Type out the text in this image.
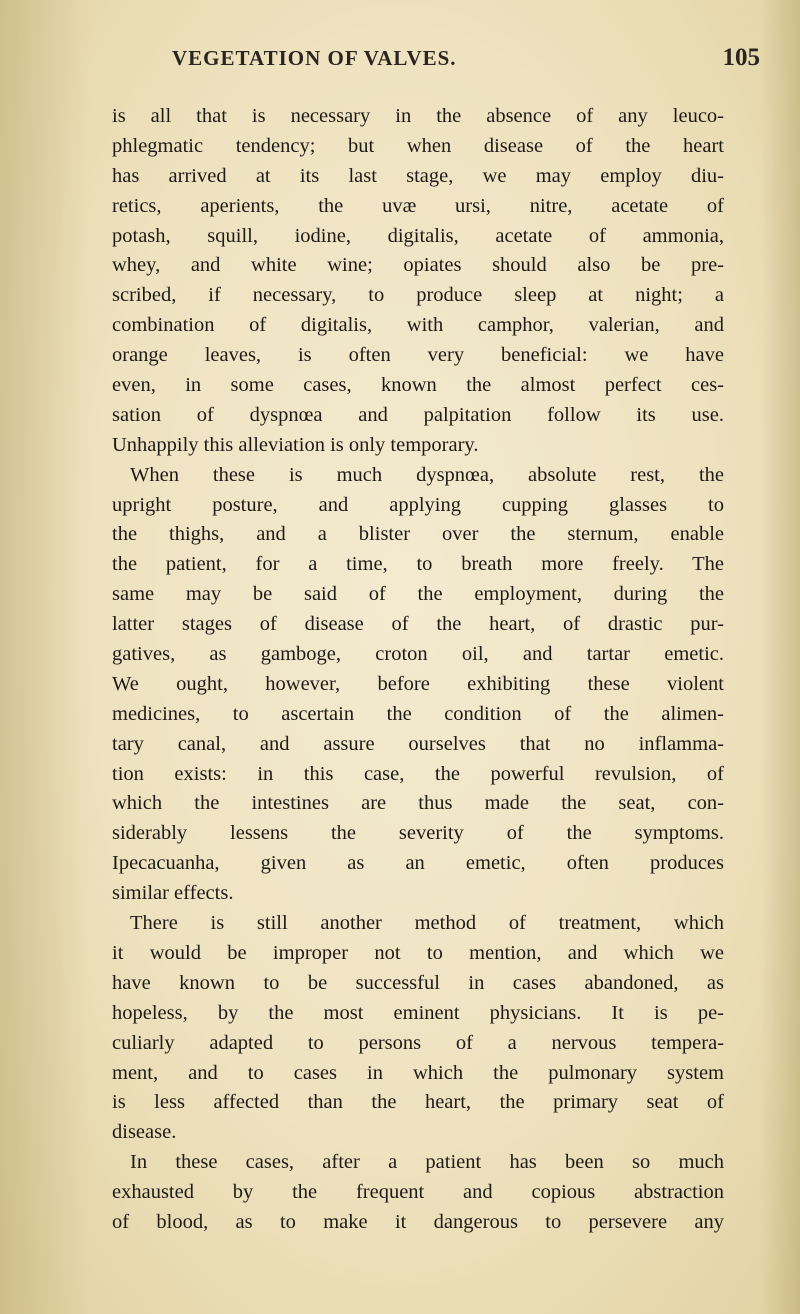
VEGETATION OF VALVES.	105
is all that is necessary in the absence of any leuco-
phlegmatic tendency; but when disease of the heart
has arrived at its last stage, we may employ diu-
retics, aperients, the uvæ ursi, nitre, acetate of
potash, squill, iodine, digitalis, acetate of ammonia,
whey, and white wine; opiates should also be pre-
scribed, if necessary, to produce sleep at night; a
combination of digitalis, with camphor, valerian, and
orange leaves, is often very beneficial: we have
even, in some cases, known the almost perfect ces-
sation of dyspnœa and palpitation follow its use.
Unhappily this alleviation is only temporary.
When these is much dyspnœa, absolute rest, the
upright posture, and applying cupping glasses to
the thighs, and a blister over the sternum, enable
the patient, for a time, to breath more freely. The
same may be said of the employment, during the
latter stages of disease of the heart, of drastic pur-
gatives, as gamboge, croton oil, and tartar emetic.
We ought, however, before exhibiting these violent
medicines, to ascertain the condition of the alimen-
tary canal, and assure ourselves that no inflamma-
tion exists: in this case, the powerful revulsion, of
which the intestines are thus made the seat, con-
siderably lessens the severity of the symptoms.
Ipecacuanha, given as an emetic, often produces
similar effects.
There is still another method of treatment, which
it would be improper not to mention, and which we
have known to be successful in cases abandoned, as
hopeless, by the most eminent physicians. It is pe-
culiarly adapted to persons of a nervous tempera-
ment, and to cases in which the pulmonary system
is less affected than the heart, the primary seat of
disease.
In these cases, after a patient has been so much
exhausted by the frequent and copious abstraction
of blood, as to make it dangerous to persevere any
